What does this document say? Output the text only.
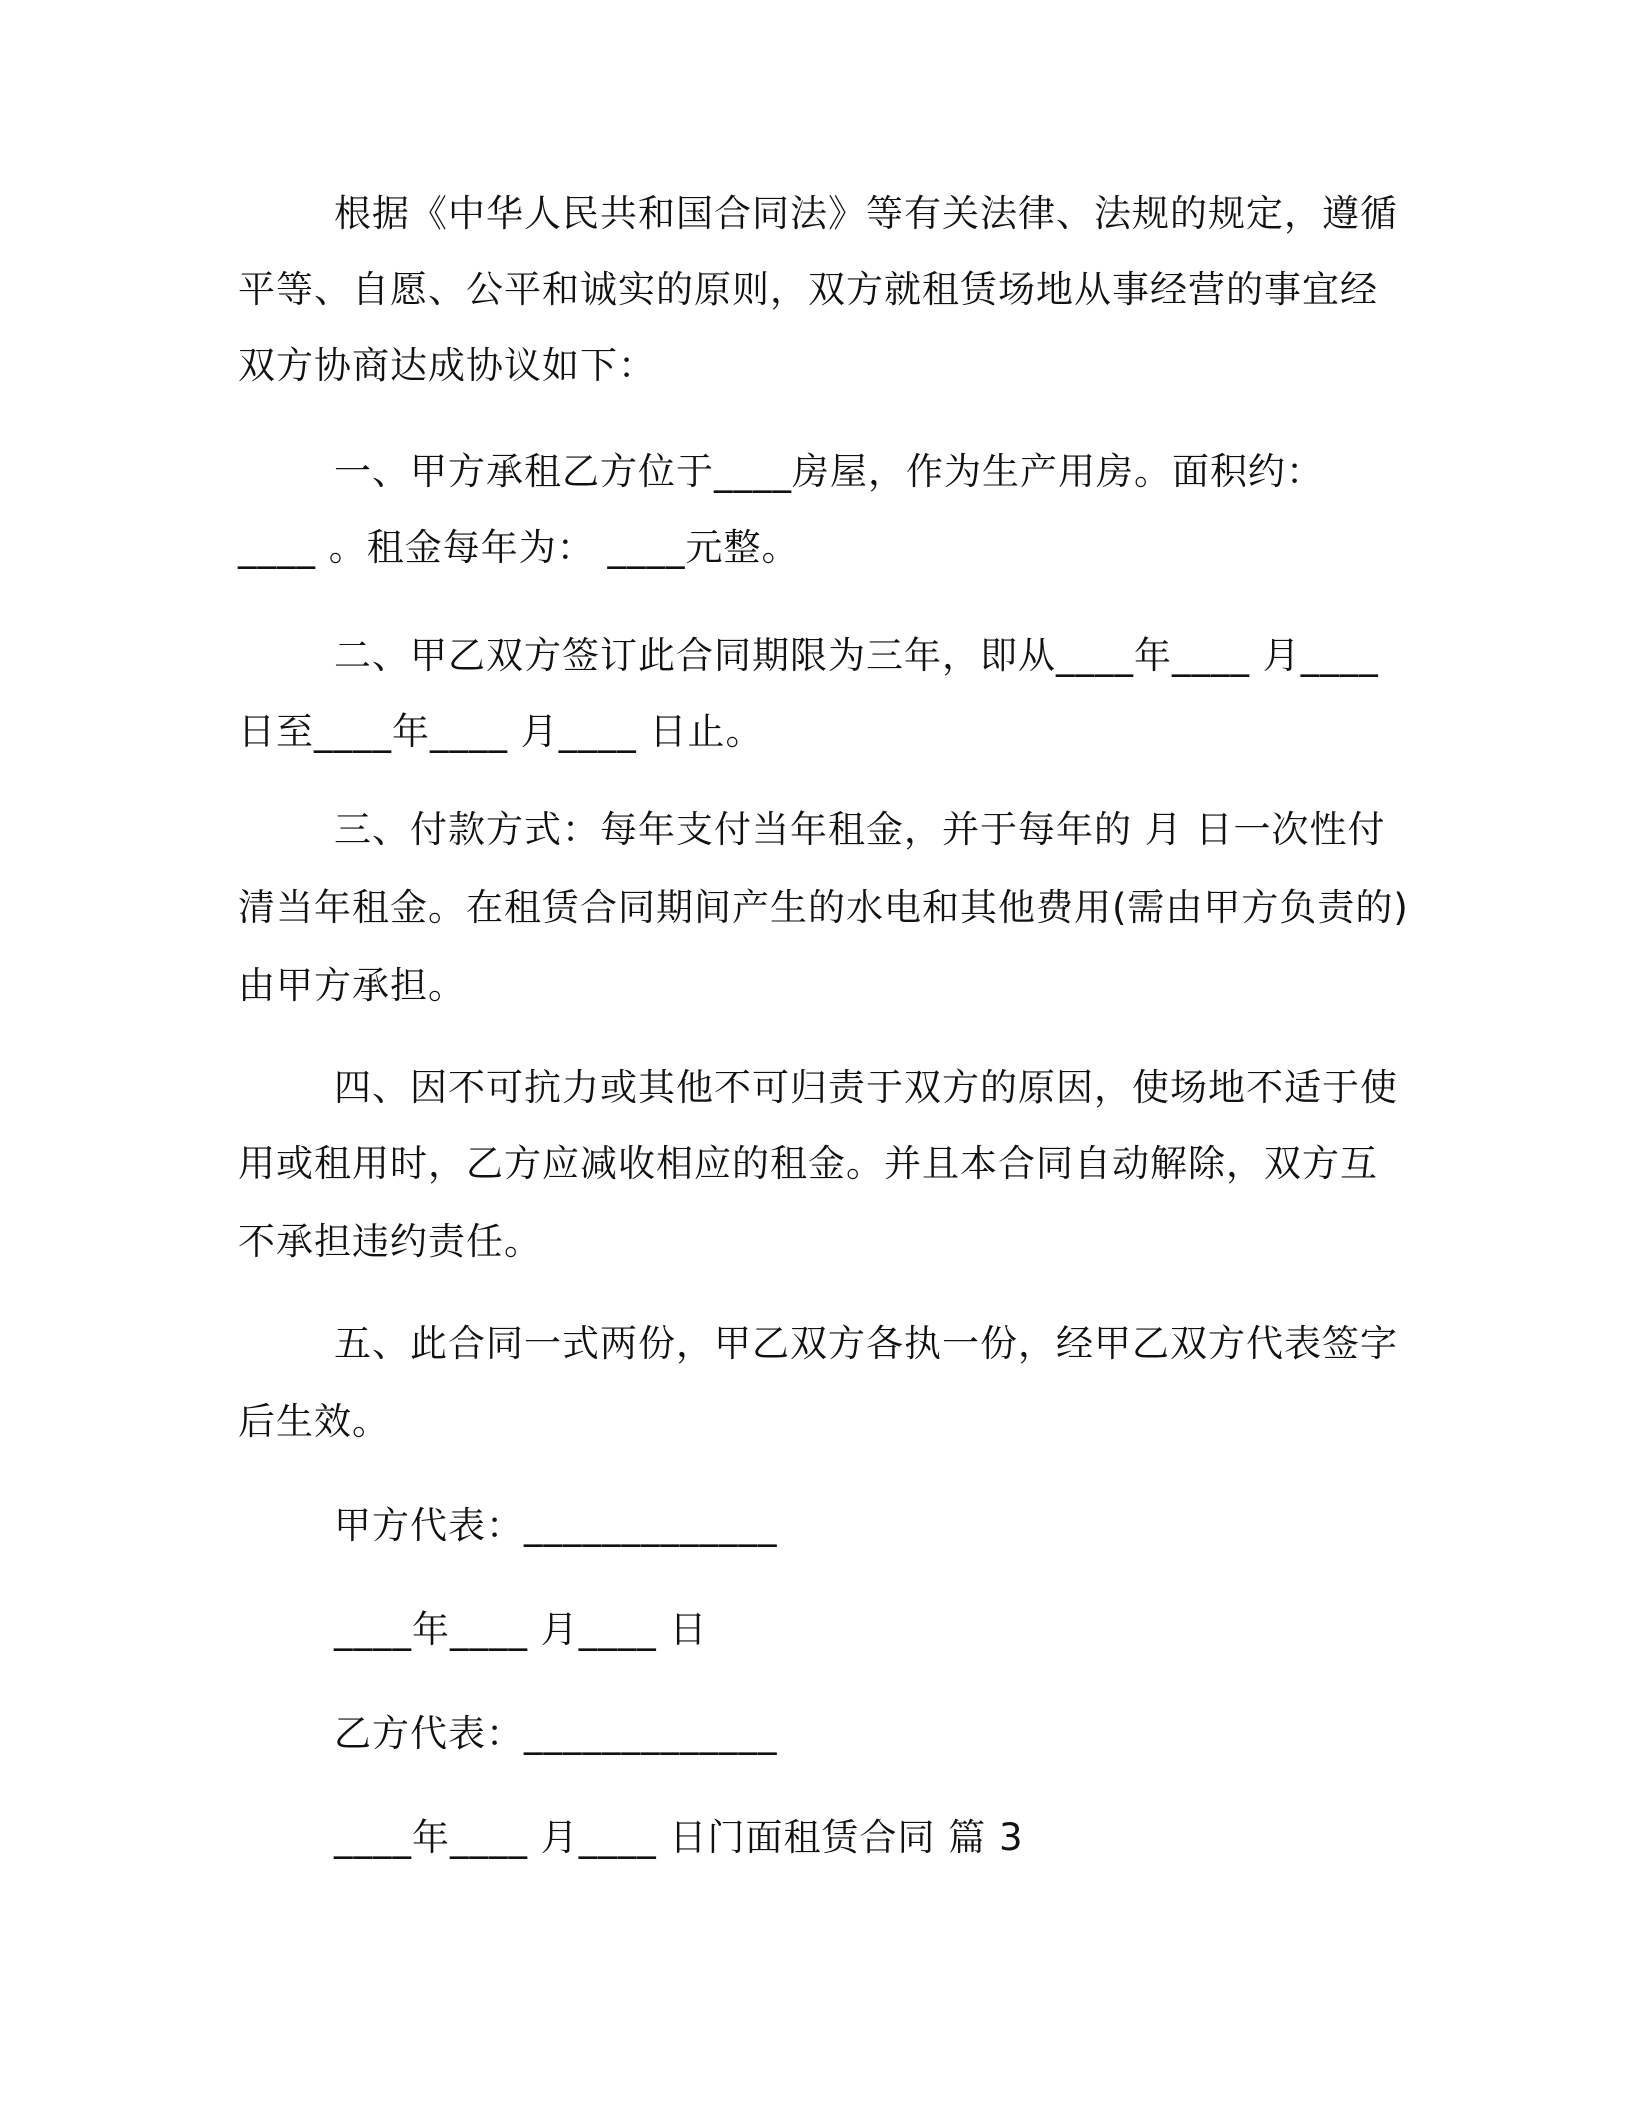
根据《中华人民共和国合同法》等有关法律、法规的规定，遵循
平等、自愿、公平和诚实的原则，双方就租赁场地从事经营的事宜经
双方协商达成协议如下：
一、甲方承租乙方位于____房屋，作为生产用房。面积约：
____ 。租金每年为： ____元整。
二、甲乙双方签订此合同期限为三年，即从____年____ 月____
日至____年____ 月____ 日止。
三、付款方式：每年支付当年租金，并于每年的 月 日一次性付
清当年租金。在租赁合同期间产生的水电和其他费用(需由甲方负责的)
由甲方承担。
四、因不可抗力或其他不可归责于双方的原因，使场地不适于使
用或租用时，乙方应减收相应的租金。并且本合同自动解除，双方互
不承担违约责任。
五、此合同一式两份，甲乙双方各执一份，经甲乙双方代表签字
后生效。
甲方代表：_____________
____年____ 月____ 日
乙方代表：_____________
____年____ 月____ 日门面租赁合同 篇 3
